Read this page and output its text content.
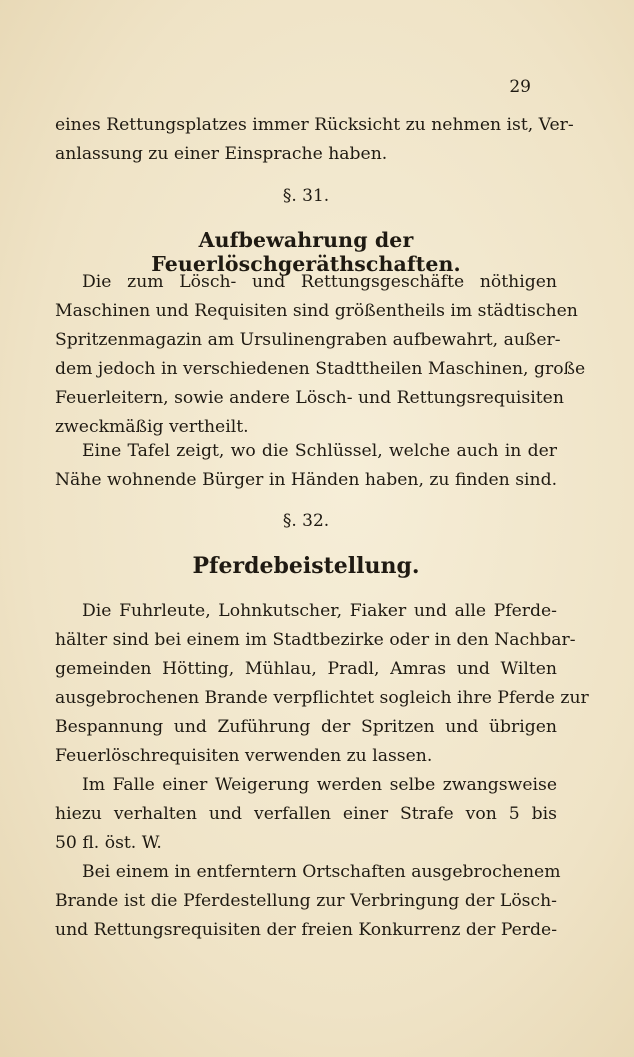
29

eines Rettungsplatzes immer Rücksicht zu nehmen ist, Ver-

anlassung zu einer Einsprache haben.

§. 31.

Aufbewahrung der Feuerlöschgeräthschaften.

Die zum Lösch- und Rettungsgeschäfte nöthigen

Maschinen und Requisiten sind größentheils im städtischen

Spritzenmagazin am Ursulinengraben aufbewahrt, außer-

dem jedoch in verschiedenen Stadttheilen Maschinen, große

Feuerleitern, sowie andere Lösch- und Rettungsrequisiten

zweckmäßig vertheilt.

Eine Tafel zeigt, wo die Schlüssel, welche auch in der

Nähe wohnende Bürger in Händen haben, zu finden sind.

§. 32.

Pferdebeistellung.

Die Fuhrleute, Lohnkutscher, Fiaker und alle Pferde-

hälter sind bei einem im Stadtbezirke oder in den Nachbar-

gemeinden Hötting, Mühlau, Pradl, Amras und Wilten

ausgebrochenen Brande verpflichtet sogleich ihre Pferde zur

Bespannung und Zuführung der Spritzen und übrigen

Feuerlöschrequisiten verwenden zu lassen.

Im Falle einer Weigerung werden selbe zwangsweise

hiezu verhalten und verfallen einer Strafe von 5 bis

50 fl. öst. W.

Bei einem in entferntern Ortschaften ausgebrochenem

Brande ist die Pferdestellung zur Verbringung der Lösch-

und Rettungsrequisiten der freien Konkurrenz der Perde-
